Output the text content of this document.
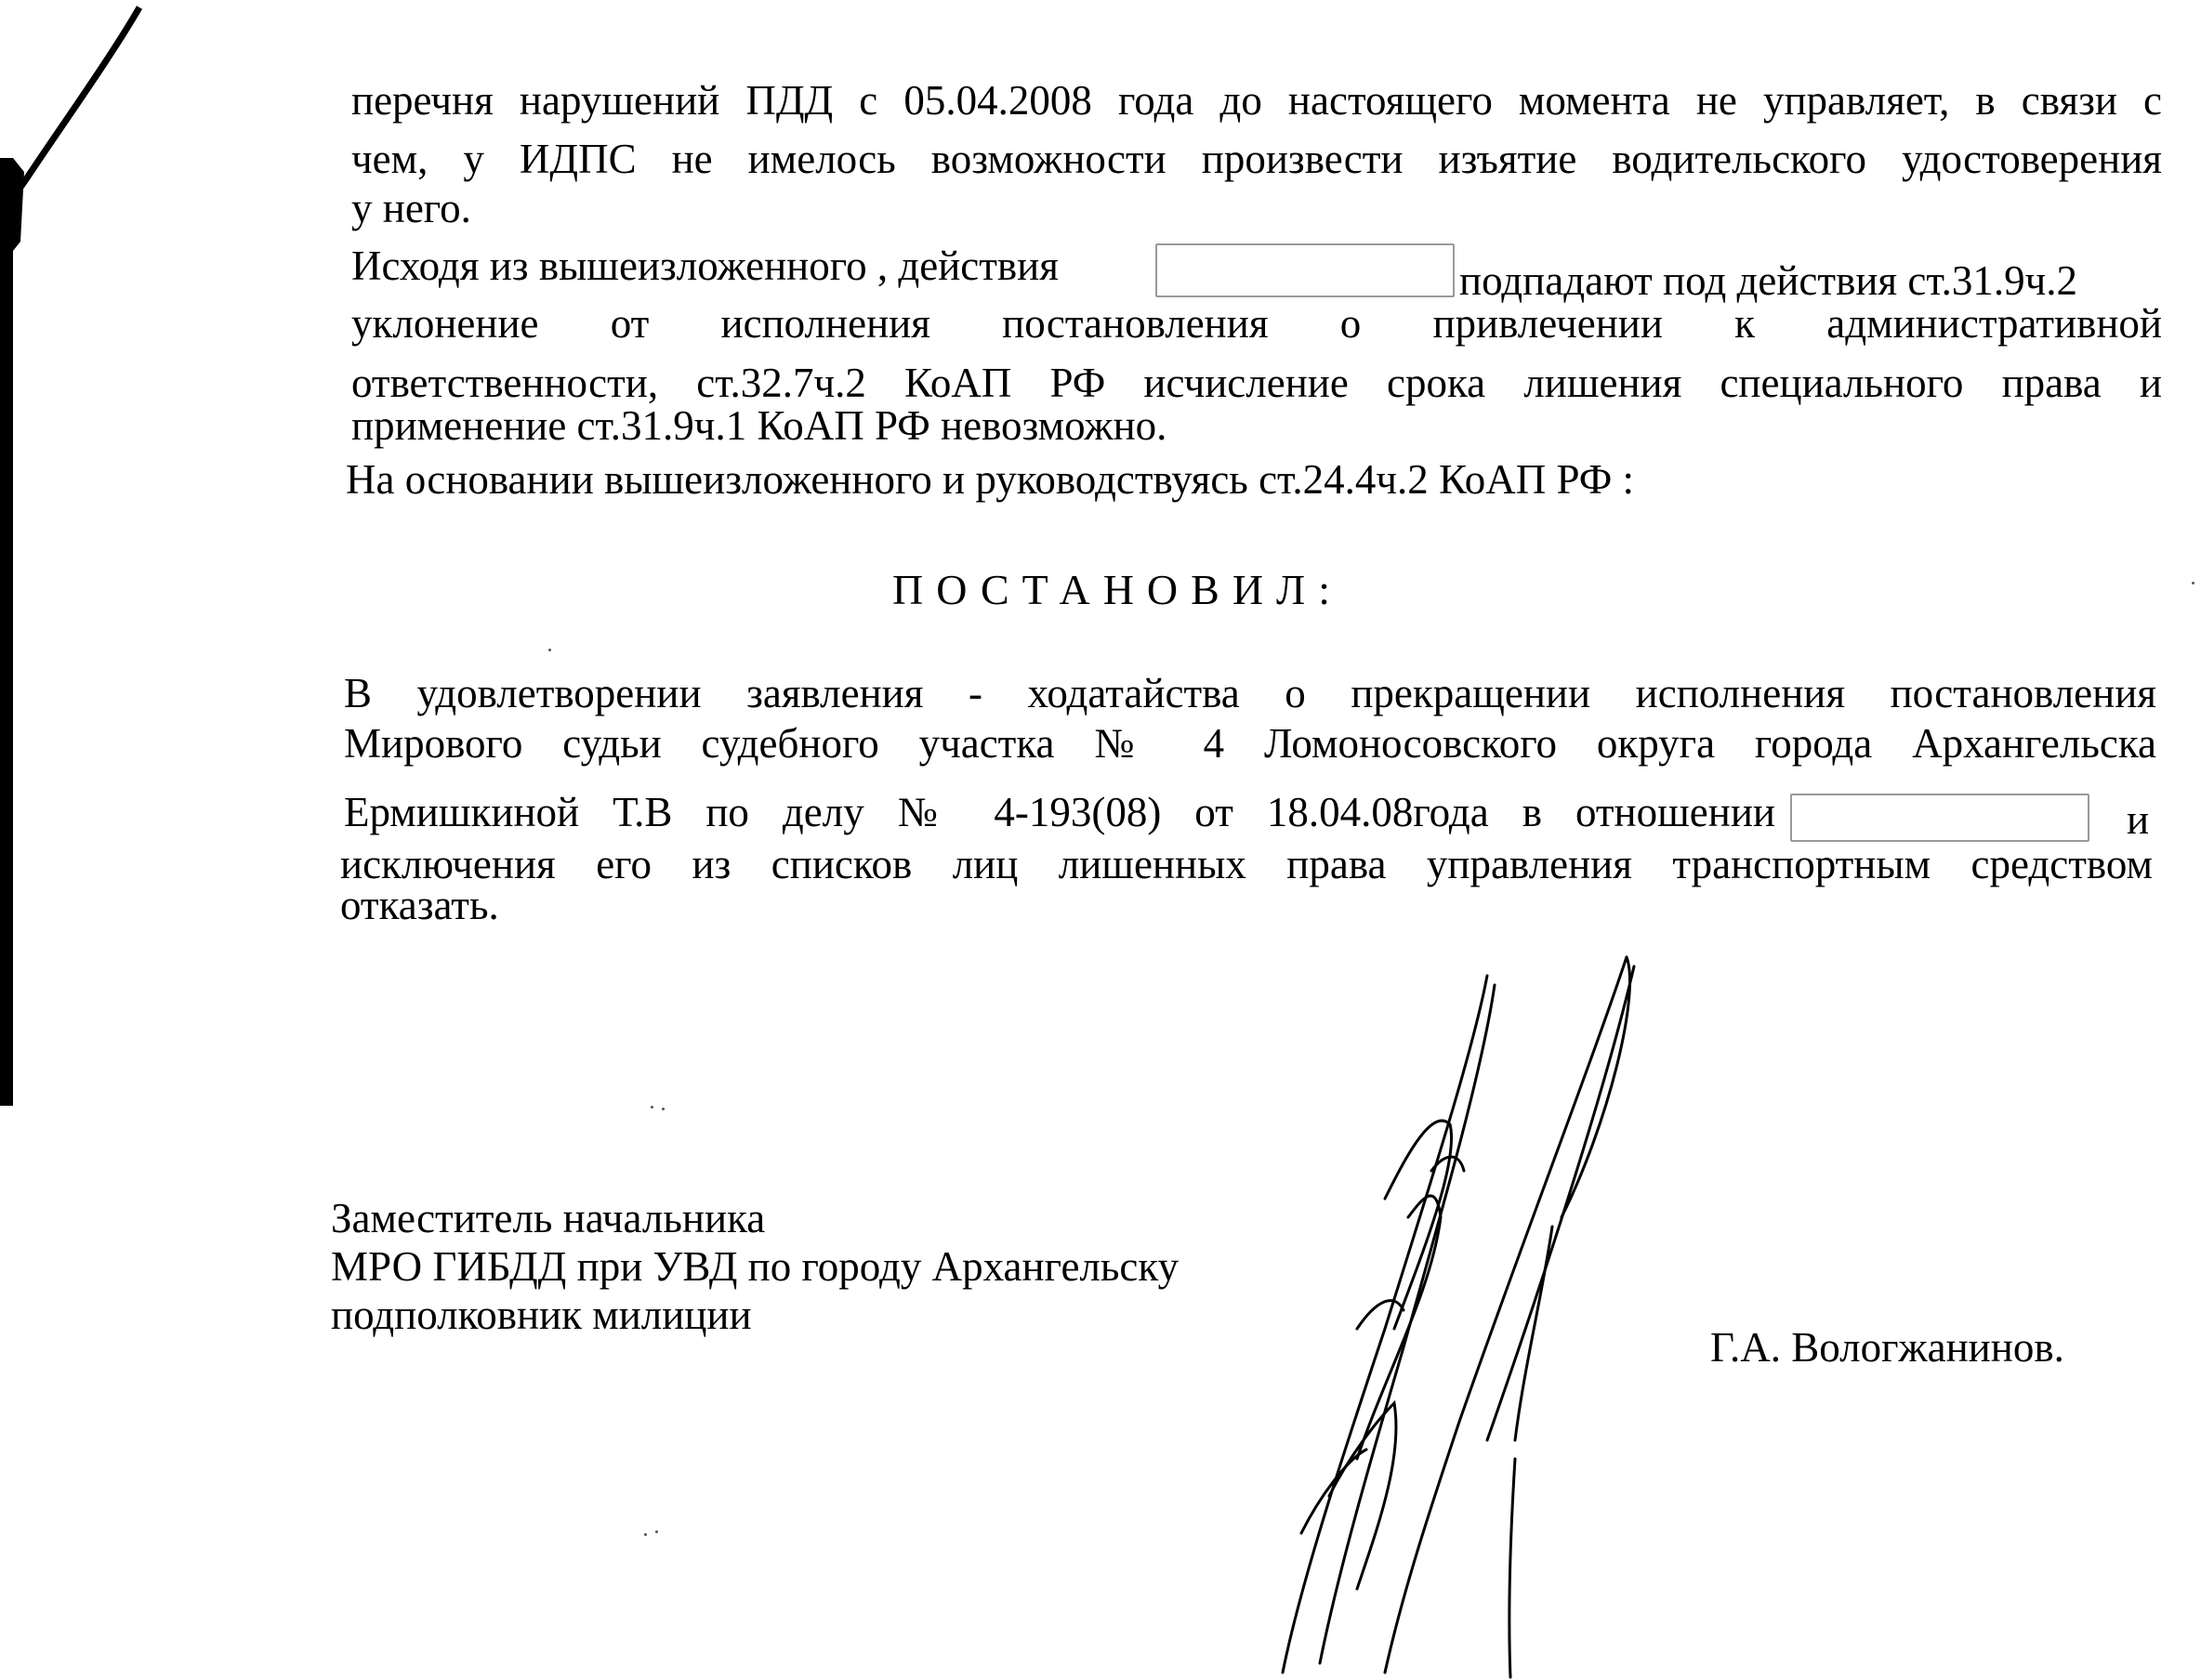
перечня нарушений ПДД с 05.04.2008 года до настоящего момента не управляет, в связи с
чем, у ИДПС не имелось возможности произвести изъятие водительского удостоверения
у него.
Исходя из вышеизложенного , действия	подпадают под действия ст.31.9ч.2
уклонение от исполнения постановления о привлечении к административной
ответственности, ст.32.7ч.2 КоАП РФ исчисление срока лишения специального права и
применение ст.31.9ч.1 КоАП РФ невозможно.
На основании вышеизложенного и руководствуясь ст.24.4ч.2 КоАП РФ :
ПОСТАНОВИЛ:
В удовлетворении заявления - ходатайства о прекращении исполнения постановления
Мирового судьи судебного участка № 4 Ломоносовского округа города Архангельска
Ермишкиной Т.В по делу № 4-193(08) от 18.04.08года в отношении	и
исключения его из списков лиц лишенных права управления транспортным средством
отказать.
Заместитель начальника
МРО ГИБДД при УВД по городу Архангельску
подполковник милиции
Г.А. Вологжанинов.
